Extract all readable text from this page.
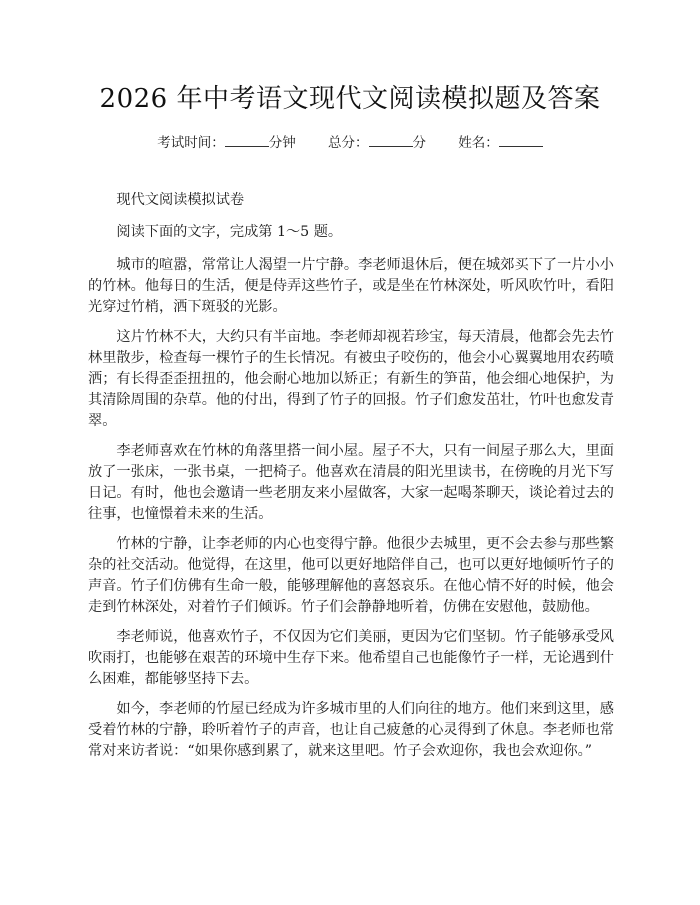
2026 年中考语文现代文阅读模拟题及答案
考试时间：	分钟 总分：	分 姓名：

现代文阅读模拟试卷

阅读下面的文字，完成第 1～5 题。

城市的喧嚣，常常让人渴望一片宁静。李老师退休后，便在城郊买下了一片小小的竹林。他每日的生活，便是侍弄这些竹子，或是坐在竹林深处，听风吹竹叶，看阳光穿过竹梢，洒下斑驳的光影。

这片竹林不大，大约只有半亩地。李老师却视若珍宝，每天清晨，他都会先去竹林里散步，检查每一棵竹子的生长情况。有被虫子咬伤的，他会小心翼翼地用农药喷洒；有长得歪歪扭扭的，他会耐心地加以矫正；有新生的笋苗，他会细心地保护，为其清除周围的杂草。他的付出，得到了竹子的回报。竹子们愈发茁壮，竹叶也愈发青翠。

李老师喜欢在竹林的角落里搭一间小屋。屋子不大，只有一间屋子那么大，里面放了一张床，一张书桌，一把椅子。他喜欢在清晨的阳光里读书，在傍晚的月光下写日记。有时，他也会邀请一些老朋友来小屋做客，大家一起喝茶聊天，谈论着过去的往事，也憧憬着未来的生活。

竹林的宁静，让李老师的内心也变得宁静。他很少去城里，更不会去参与那些繁杂的社交活动。他觉得，在这里，他可以更好地陪伴自己，也可以更好地倾听竹子的声音。竹子们仿佛有生命一般，能够理解他的喜怒哀乐。在他心情不好的时候，他会走到竹林深处，对着竹子们倾诉。竹子们会静静地听着，仿佛在安慰他，鼓励他。

李老师说，他喜欢竹子，不仅因为它们美丽，更因为它们坚韧。竹子能够承受风吹雨打，也能够在艰苦的环境中生存下来。他希望自己也能像竹子一样，无论遇到什么困难，都能够坚持下去。

如今，李老师的竹屋已经成为许多城市里的人们向往的地方。他们来到这里，感受着竹林的宁静，聆听着竹子的声音，也让自己疲惫的心灵得到了休息。李老师也常常对来访者说：“如果你感到累了，就来这里吧。竹子会欢迎你，我也会欢迎你。”
